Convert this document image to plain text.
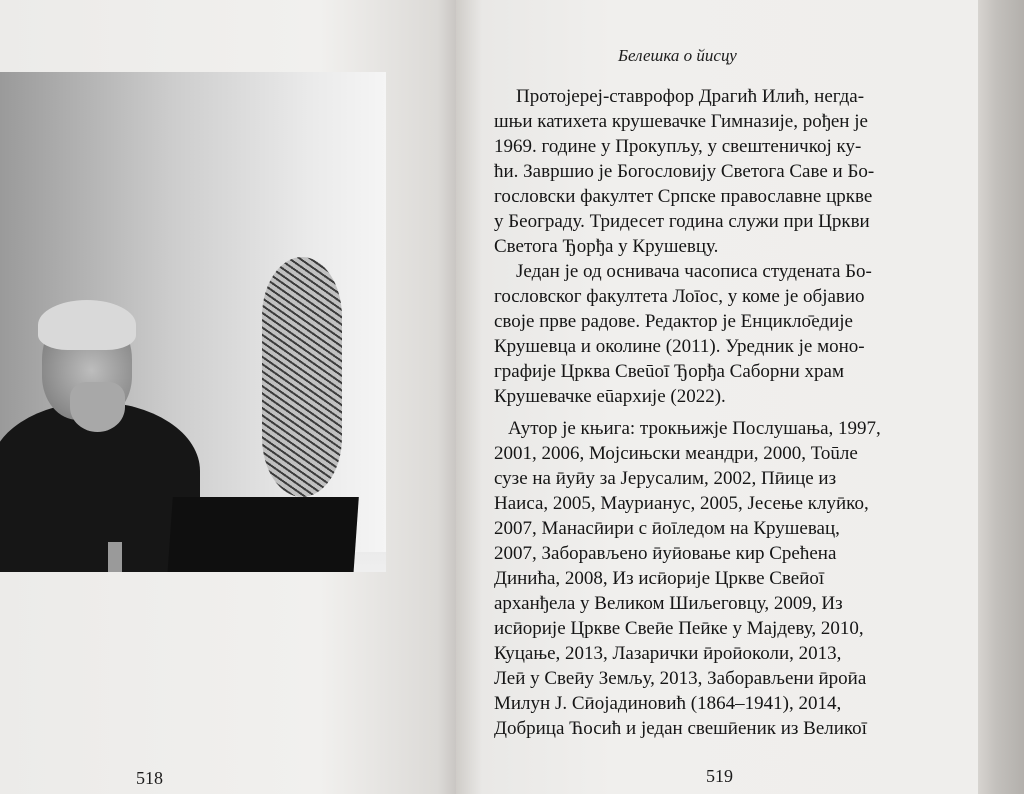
518
Белешка о йисцу
Протојереј-ставрофор Драгић Илић, негда-
шњи катихета крушевачке Гимназије, рођен је
1969. године у Прокупљу, у свештеничкој ку-
ћи. Завршио је Богословију Светога Саве и Бо-
гословски факултет Српске православне цркве
у Београду. Тридесет година служи при Цркви
Светога Ђорђа у Крушевцу.
Један је од оснивача часописа студената Бо-
гословског факултета Лоīос, у коме је објавио
своје прве радове. Редактор је Енцикло̄едије
Крушевца и околине (2011). Уредник је моно-
графије Црква Свеūоī Ђорђа Саборни храм
Крушевачке еūархије (2022).
Аутор је књига: трокњижје Послушања, 1997,
2001, 2006, Мојсињски меандри, 2000, Тоūле
сузе на ӣуӣу за Јерусалим, 2002, Пӣице из
Наиса, 2005, Маурианус, 2005, Јесење клуӣко,
2007, Манасӣири с ӣоīледом на Крушевац,
2007, Заборављено ӣуӣовање кир Срећена
Динића, 2008, Из исӣорије Цркве Свеӣоī
арханђела у Великом Шиљеговцу, 2009, Из
исӣорије Цркве Свеӣе Пеӣке у Мајдеву, 2010,
Куцање, 2013, Лазарички ӣроӣоколи, 2013,
Леӣ у Свеӣу Земљу, 2013, Заборављени ӣроӣа
Милун Ј. Сӣојадиновић (1864–1941), 2014,
Добрица Ћосић и један свешӣеник из Великоī
519
